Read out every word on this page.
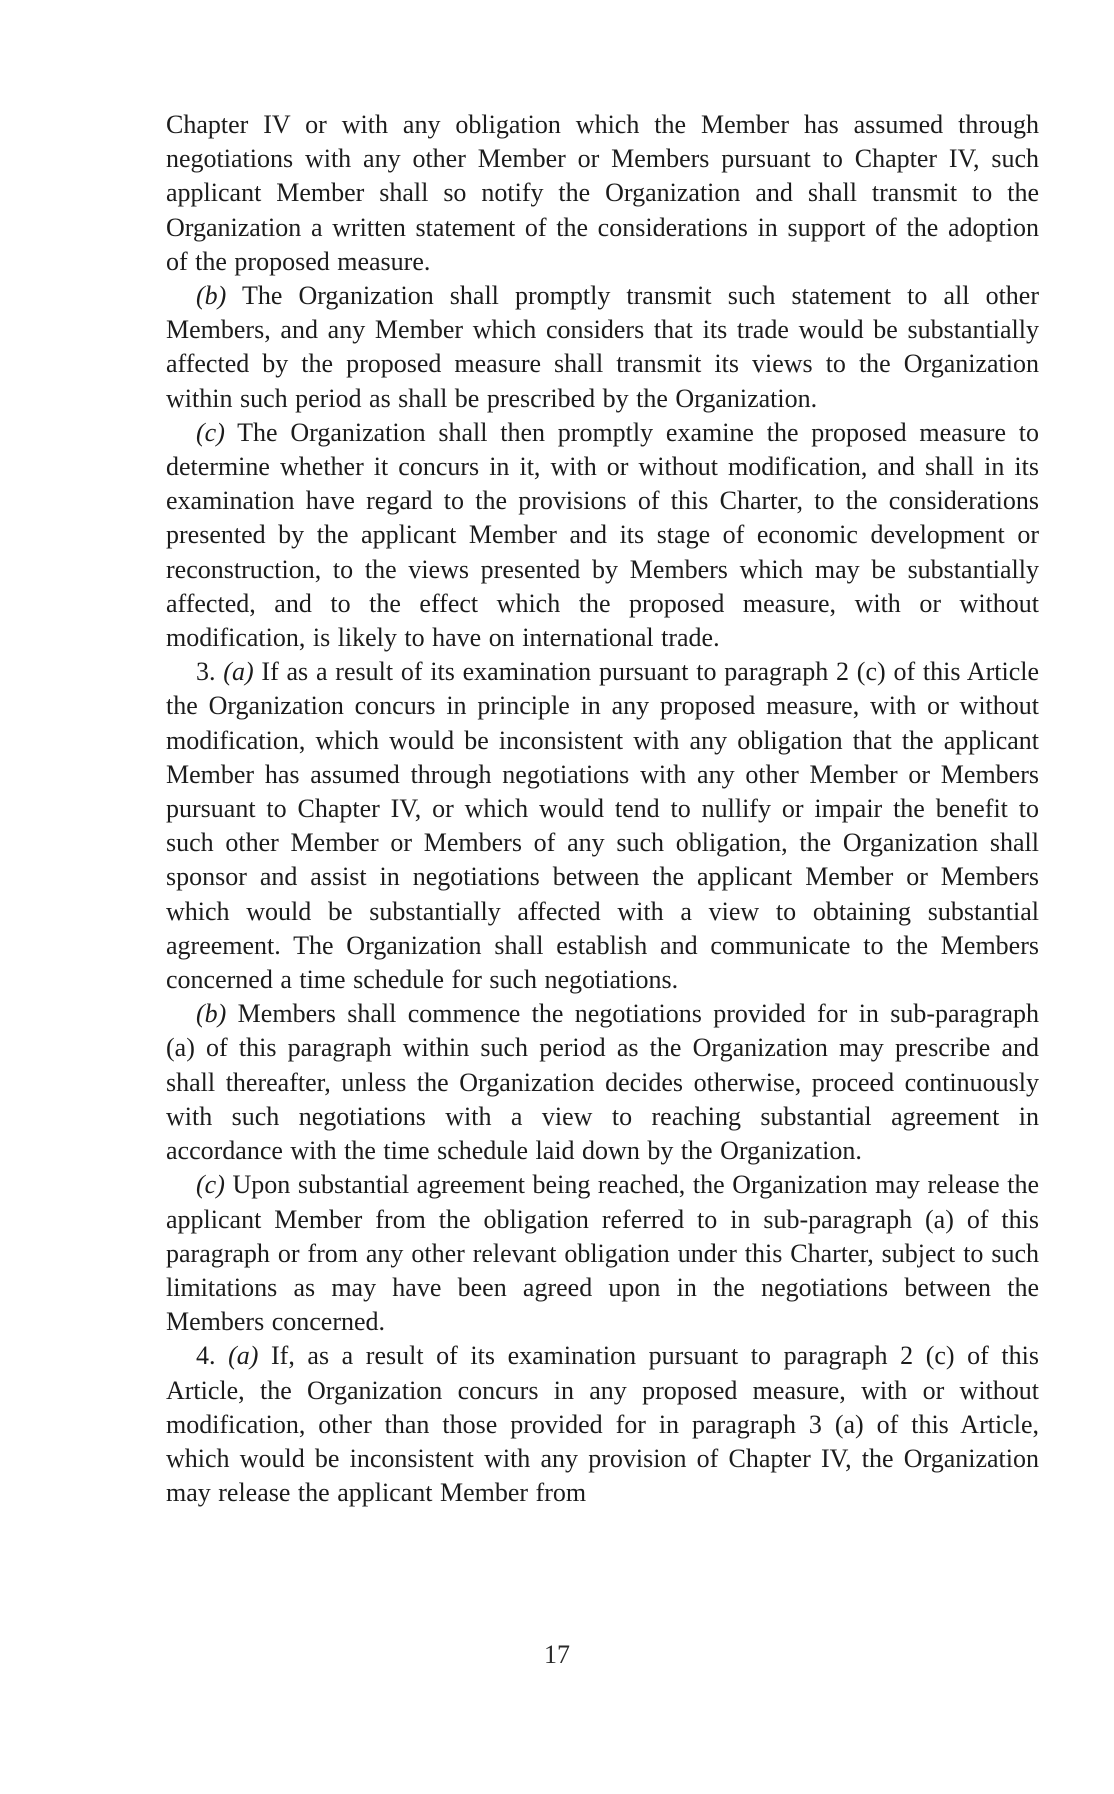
Chapter IV or with any obligation which the Member has assumed through negotiations with any other Member or Members pursuant to Chapter IV, such applicant Member shall so notify the Organization and shall transmit to the Organization a written statement of the considerations in support of the adoption of the proposed measure.

(b) The Organization shall promptly transmit such statement to all other Members, and any Member which considers that its trade would be substantially affected by the proposed measure shall transmit its views to the Organization within such period as shall be prescribed by the Organization.

(c) The Organization shall then promptly examine the proposed measure to determine whether it concurs in it, with or without modification, and shall in its examination have regard to the provisions of this Charter, to the considerations presented by the applicant Member and its stage of economic development or reconstruction, to the views presented by Members which may be substantially affected, and to the effect which the proposed measure, with or without modification, is likely to have on international trade.

3. (a) If as a result of its examination pursuant to paragraph 2 (c) of this Article the Organization concurs in principle in any proposed measure, with or without modification, which would be inconsistent with any obligation that the applicant Member has assumed through negotiations with any other Member or Members pursuant to Chapter IV, or which would tend to nullify or impair the benefit to such other Member or Members of any such obligation, the Organization shall sponsor and assist in negotiations between the applicant Member or Members which would be substantially affected with a view to obtaining substantial agreement. The Organization shall establish and communicate to the Members concerned a time schedule for such negotiations.

(b) Members shall commence the negotiations provided for in sub-paragraph (a) of this paragraph within such period as the Organization may prescribe and shall thereafter, unless the Organization decides otherwise, proceed continuously with such negotiations with a view to reaching substantial agreement in accordance with the time schedule laid down by the Organization.

(c) Upon substantial agreement being reached, the Organization may release the applicant Member from the obligation referred to in sub-paragraph (a) of this paragraph or from any other relevant obligation under this Charter, subject to such limitations as may have been agreed upon in the negotiations between the Members concerned.

4. (a) If, as a result of its examination pursuant to paragraph 2 (c) of this Article, the Organization concurs in any proposed measure, with or without modification, other than those provided for in paragraph 3 (a) of this Article, which would be inconsistent with any provision of Chapter IV, the Organization may release the applicant Member from

17
